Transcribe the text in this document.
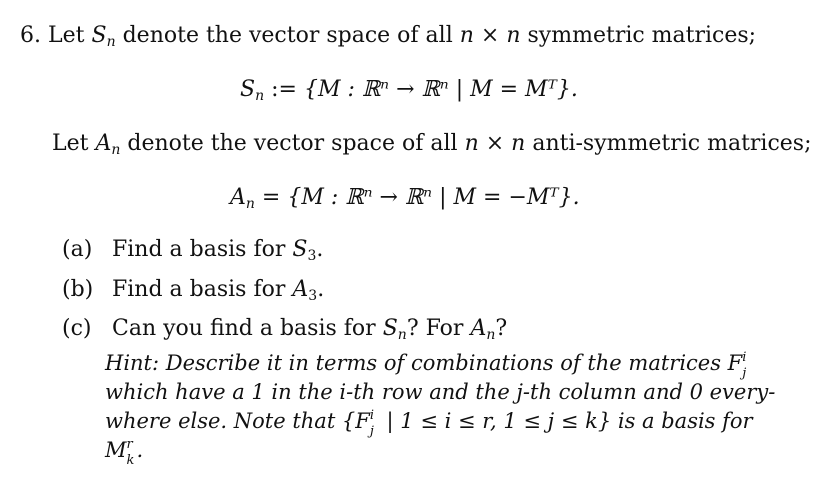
6. Let $S_n$ denote the vector space of all n × n symmetric matrices;
$S_n$ := {M : ℝⁿ → ℝⁿ | M = Mᵀ}.
Let $A_n$ denote the vector space of all n × n anti-symmetric matrices;
$A_n = \{M$ : ℝⁿ → ℝⁿ | M = −Mᵀ}.
(a) Find a basis for $S_3$.
(b) Find a basis for $A_3$.
(c) Can you find a basis for $S_n$? For $A_n$?
Hint: Describe it in terms of combinations of the matrices F i
j
which have a 1 in the i-th row and the j-th column and 0 every-
where else. Note that {F i
j | 1 ≤ i ≤ r, 1 ≤ j ≤ k} is a basis for
M r
k .
